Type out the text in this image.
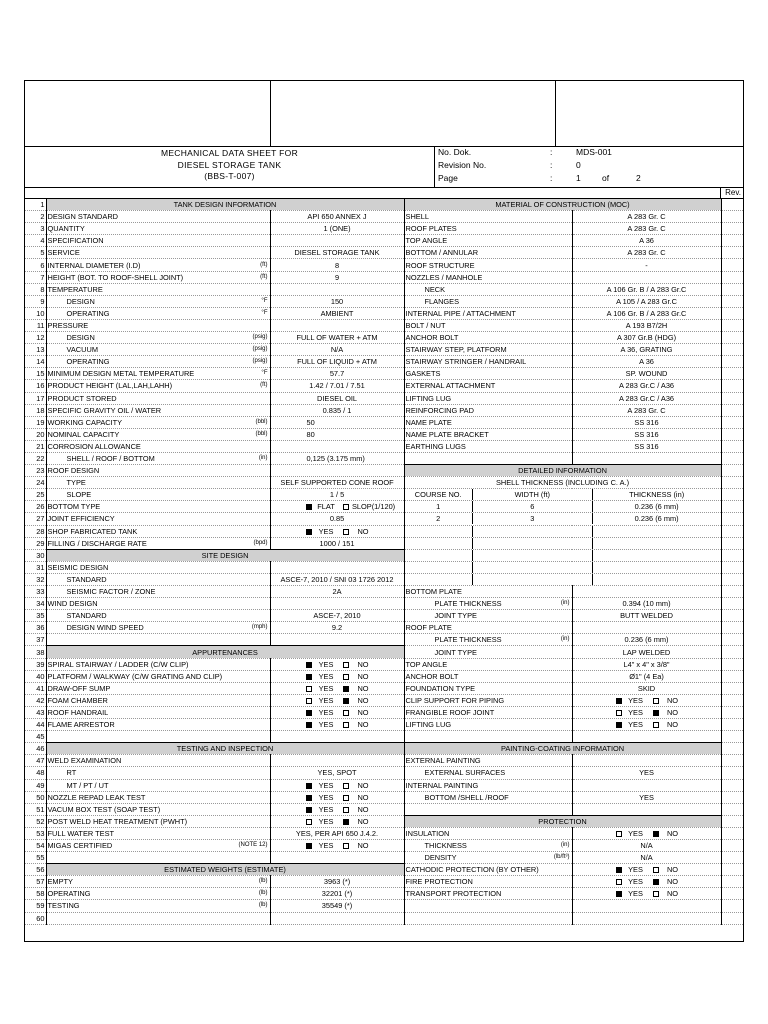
MECHANICAL DATA SHEET FOR
DIESEL STORAGE TANK
(BBS-T-007)
No. Dok.	:	MDS-001
Revision No.	:	0
Page	:	1	of	2
Rev.
1	TANK DESIGN INFORMATION		MATERIAL OF CONSTRUCTION (MOC)		
2	DESIGN STANDARD	API 650 ANNEX J	SHELL	A 283 Gr. C	
3	QUANTITY	1 (ONE)	ROOF PLATES	A 283 Gr. C	
4	SPECIFICATION		TOP ANGLE	A 36	
5	SERVICE	DIESEL STORAGE TANK	BOTTOM / ANNULAR	A 283 Gr. C	
6	INTERNAL DIAMETER (I.D) (ft)	8	ROOF STRUCTURE	-	
7	HEIGHT (BOT. TO ROOF-SHELL JOINT) (ft)	9	NOZZLES / MANHOLE		
8	TEMPERATURE		NECK	A 106 Gr. B / A 283 Gr.C	
9	DESIGN °F	150	FLANGES	A 105 / A 283 Gr.C	
10	OPERATING °F	AMBIENT	INTERNAL PIPE / ATTACHMENT	A 106 Gr. B / A 283 Gr.C	
11	PRESSURE		BOLT / NUT	A 193 B7/2H	
12	DESIGN (psig)	FULL OF WATER + ATM	ANCHOR BOLT	A 307 Gr.B (HDG)	
13	VACUUM (psig)	N/A	STAIRWAY STEP, PLATFORM	A 36, GRATING	
14	OPERATING (psig)	FULL OF LIQUID + ATM	STAIRWAY STRINGER / HANDRAIL	A 36	
15	MINIMUM DESIGN METAL TEMPERATURE °F	57.7	GASKETS	SP. WOUND	
16	PRODUCT HEIGHT (LAL,LAH,LAHH) (ft)	1.42 / 7.01 / 7.51	EXTERNAL ATTACHMENT	A 283 Gr.C / A36	
17	PRODUCT STORED	DIESEL OIL	LIFTING LUG	A 283 Gr.C / A36	
18	SPECIFIC GRAVITY OIL / WATER	0.835 / 1	REINFORCING PAD	A 283 Gr. C	
19	WORKING CAPACITY (bbl)	50	NAME PLATE	SS 316	
20	NOMINAL CAPACITY (bbl)	80	NAME PLATE BRACKET	SS 316	
21	CORROSION ALLOWANCE		EARTHING LUGS	SS 316	
22	SHELL / ROOF / BOTTOM (in)	0,125 (3.175 mm)			
23	ROOF DESIGN		DETAILED INFORMATION		
24	TYPE	SELF SUPPORTED CONE ROOF	SHELL THICKNESS (INCLUDING C. A.)		
25	SLOPE	1 / 5	COURSE NO. WIDTH (ft) THICKNESS (in)		

26	BOTTOM TYPE	FLAT SLOP(1/120)	1 6 0.236 (6 mm)		

27	JOINT EFFICIENCY	0.85	2 3 0.236 (6 mm)		

28	SHOP FABRICATED TANK	YES NO		

29	FILLING / DISCHARGE RATE (bpd)	1000 / 151		

30	SITE DESIGN			

31	SEISMIC DESIGN			

32	STANDARD	ASCE-7, 2010 / SNI 03 1726 2012		

33	SEISMIC FACTOR / ZONE	2A	BOTTOM PLATE		
34	WIND DESIGN		PLATE THICKNESS (in)	0.394 (10 mm)	
35	STANDARD	ASCE-7, 2010	JOINT TYPE	BUTT WELDED	
36	DESIGN WIND SPEED (mph)	9.2	ROOF PLATE		
37			PLATE THICKNESS (in)	0.236 (6 mm)	
38	APPURTENANCES		JOINT TYPE	LAP WELDED	
39	SPIRAL STAIRWAY / LADDER (C/W CLIP)	YES NO	TOP ANGLE	L4" x 4" x 3/8"	
40	PLATFORM / WALKWAY (C/W GRATING AND CLIP)	YES NO	ANCHOR BOLT	Ø1" (4 Ea)	
41	DRAW-OFF SUMP	YES NO	FOUNDATION TYPE	SKID	
42	FOAM CHAMBER	YES NO	CLIP SUPPORT FOR PIPING	YES NO	
43	ROOF HANDRAIL	YES NO	FRANGIBLE ROOF JOINT	YES NO	
44	FLAME ARRESTOR	YES NO	LIFTING LUG	YES NO	
45					
46	TESTING AND INSPECTION		PAINTING-COATING INFORMATION		
47	WELD EXAMINATION		EXTERNAL PAINTING		
48	RT	YES, SPOT	EXTERNAL SURFACES	YES	
49	MT / PT / UT	YES NO	INTERNAL PAINTING		
50	NOZZLE REPAD LEAK TEST	YES NO	BOTTOM /SHELL /ROOF	YES	
51	VACUM BOX TEST (SOAP TEST)	YES NO			
52	POST WELD HEAT TREATMENT (PWHT)	YES NO	PROTECTION		
53	FULL WATER TEST	YES, PER API 650 J.4.2.	INSULATION	YES NO	
54	MIGAS CERTIFIED (NOTE 12)	YES NO	THICKNESS (in)	N/A	
55			DENSITY (lb/ft³)	N/A	
56	ESTIMATED WEIGHTS (ESTIMATE)		CATHODIC PROTECTION (BY OTHER)	YES NO	
57	EMPTY (lb)	3963 (*)	FIRE PROTECTION	YES NO	
58	OPERATING (lb)	32201 (*)	TRANSPORT PROTECTION	YES NO	
59	TESTING (lb)	35549 (*)			
60					
